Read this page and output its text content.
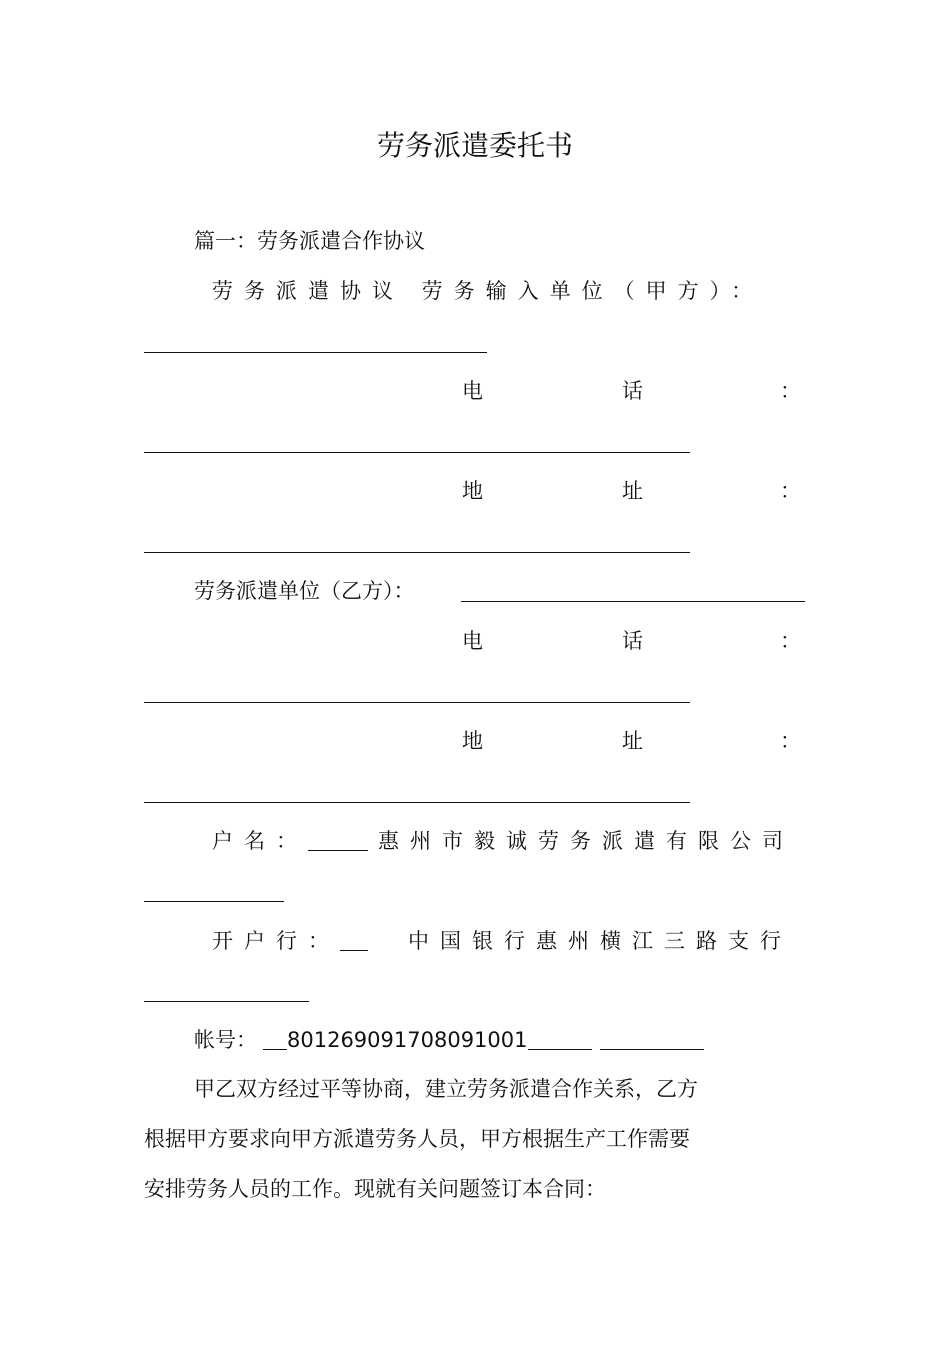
劳务派遣委托书
篇一：劳务派遣合作协议
劳务派遣协议 劳务输入单位（甲方）：
电	话	：
地	址	：
劳务派遣单位（乙方）：
电	话	：
地	址	：
户名：	惠州市毅诚劳务派遣有限公司
开户行：	中国银行惠州横江三路支行
帐号： 801269091708091001
甲乙双方经过平等协商，建立劳务派遣合作关系，乙方
根据甲方要求向甲方派遣劳务人员，甲方根据生产工作需要
安排劳务人员的工作。现就有关问题签订本合同：
